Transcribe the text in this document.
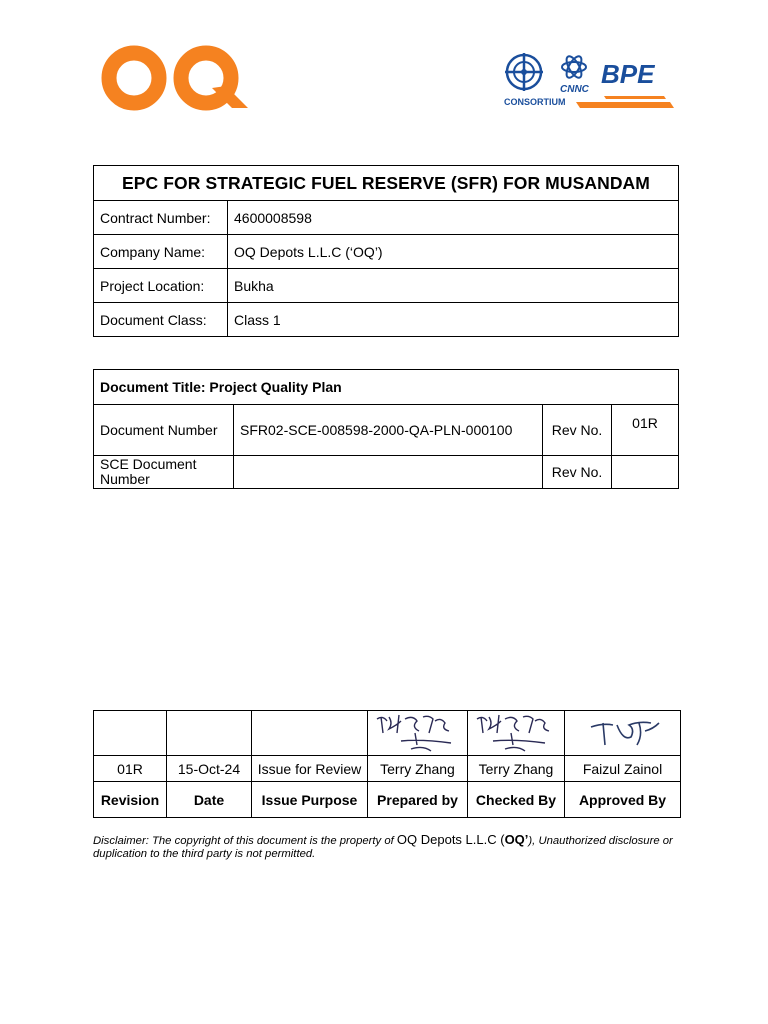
CNNC
BPE
CONSORTIUM
EPC FOR STRATEGIC FUEL RESERVE (SFR) FOR MUSANDAM	
Contract Number:	4600008598
Company Name:	OQ Depots L.L.C (‘OQ’)
Project Location:	Bukha
Document Class:	Class 1
Document Title: Project Quality Plan			
Document Number	SFR02-SCE-008598-2000-QA-PLN-000100	Rev No.	01R
SCE Document Number		Rev No.	

01R	15-Oct-24	Issue for Review	Terry Zhang	Terry Zhang	Faizul Zainol
Revision	Date	Issue Purpose	Prepared by	Checked By	Approved By
Disclaimer: The copyright of this document is the property of OQ Depots L.L.C (OQ’), Unauthorized disclosure or duplication to the third party is not permitted.
